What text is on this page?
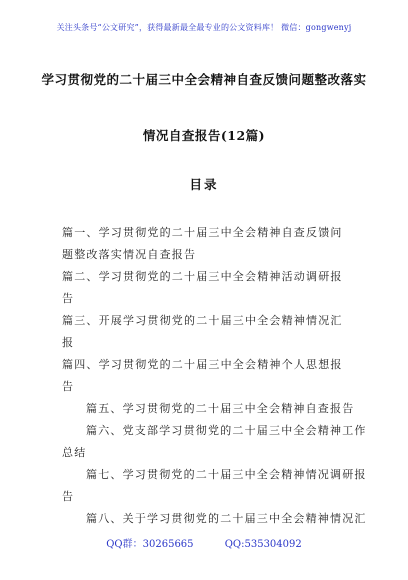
关注头条号“公文研究”，获得最新最全最专业的公文资料库！ 微信：gongwenyj
学习贯彻党的二十届三中全会精神自查反馈问题整改落实
情况自查报告(12篇)
目录
篇一、学习贯彻党的二十届三中全会精神自查反馈问
题整改落实情况自查报告
篇二、学习贯彻党的二十届三中全会精神活动调研报
告
篇三、开展学习贯彻党的二十届三中全会精神情况汇
报
篇四、学习贯彻党的二十届三中全会精神个人思想报
告
篇五、学习贯彻党的二十届三中全会精神自查报告
篇六、党支部学习贯彻党的二十届三中全会精神工作
总结
篇七、学习贯彻党的二十届三中全会精神情况调研报
告
篇八、关于学习贯彻党的二十届三中全会精神情况汇
QQ群：30265665	QQ:535304092
